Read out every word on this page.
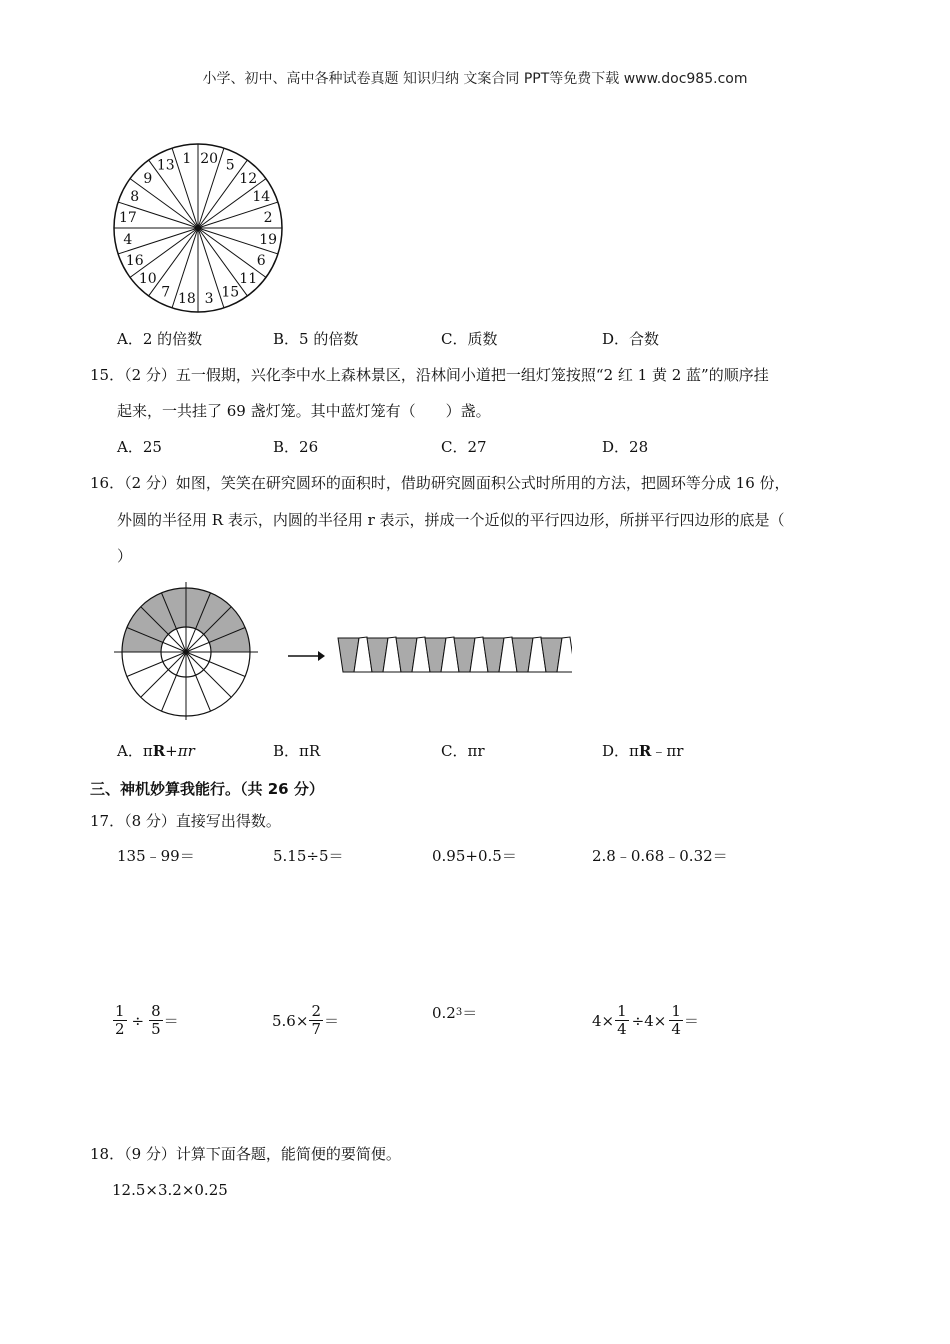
小学、初中、高中各种试卷真题 知识归纳 文案合同 PPT等免费下载 www.doc985.com
20 5
12
14
2
19
6
11
15
3
18
7
10
16
4
17
8
9
13 1
A．2 的倍数	B．5 的倍数	C．质数	D．合数
15．（2 分）五一假期，兴化李中水上森林景区，沿林间小道把一组灯笼按照“2 红 1 黄 2 蓝”的顺序挂
起来，一共挂了 69 盏灯笼。其中蓝灯笼有（　　）盏。
A．25	B．26	C．27	D．28
16．（2 分）如图，笑笑在研究圆环的面积时，借助研究圆面积公式时所用的方法，把圆环等分成 16 份，
外圆的半径用 R 表示，内圆的半径用 r 表示，拼成一个近似的平行四边形，所拼平行四边形的底是（
）
A．πR+πr	B．πR	C．πr	D．πR﹣πr
三、神机妙算我能行。（共 26 分）
17．（8 分）直接写出得数。
135﹣99＝	5.15÷5＝	0.95+0.5＝	2.8﹣0.68﹣0.32＝
$\frac{1}{2} \div \frac{8}{5}$ ＝	$5.6\times \frac{2}{7}$ ＝	0.2 3 ＝	$4\times \frac{1}{4} \div 4\times \frac{1}{4}$ ＝
18．（9 分）计算下面各题，能简便的要简便。
12.5×3.2×0.25
